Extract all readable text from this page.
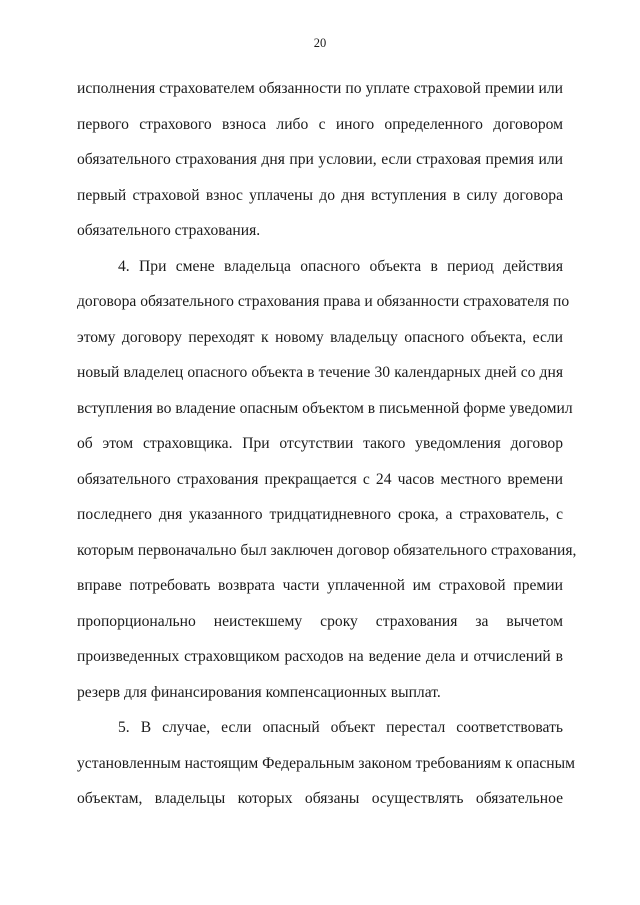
20
исполнения страхователем обязанности по уплате страховой премии или
первого страхового взноса либо с иного определенного договором
обязательного страхования дня при условии, если страховая премия или
первый страховой взнос уплачены до дня вступления в силу договора
обязательного страхования.
4. При смене владельца опасного объекта в период действия
договора обязательного страхования права и обязанности страхователя по
этому договору переходят к новому владельцу опасного объекта, если
новый владелец опасного объекта в течение 30 календарных дней со дня
вступления во владение опасным объектом в письменной форме уведомил
об этом страховщика. При отсутствии такого уведомления договор
обязательного страхования прекращается с 24 часов местного времени
последнего дня указанного тридцатидневного срока, а страхователь, с
которым первоначально был заключен договор обязательного страхования,
вправе потребовать возврата части уплаченной им страховой премии
пропорционально неистекшему сроку страхования за вычетом
произведенных страховщиком расходов на ведение дела и отчислений в
резерв для финансирования компенсационных выплат.
5. В случае, если опасный объект перестал соответствовать
установленным настоящим Федеральным законом требованиям к опасным
объектам, владельцы которых обязаны осуществлять обязательное
